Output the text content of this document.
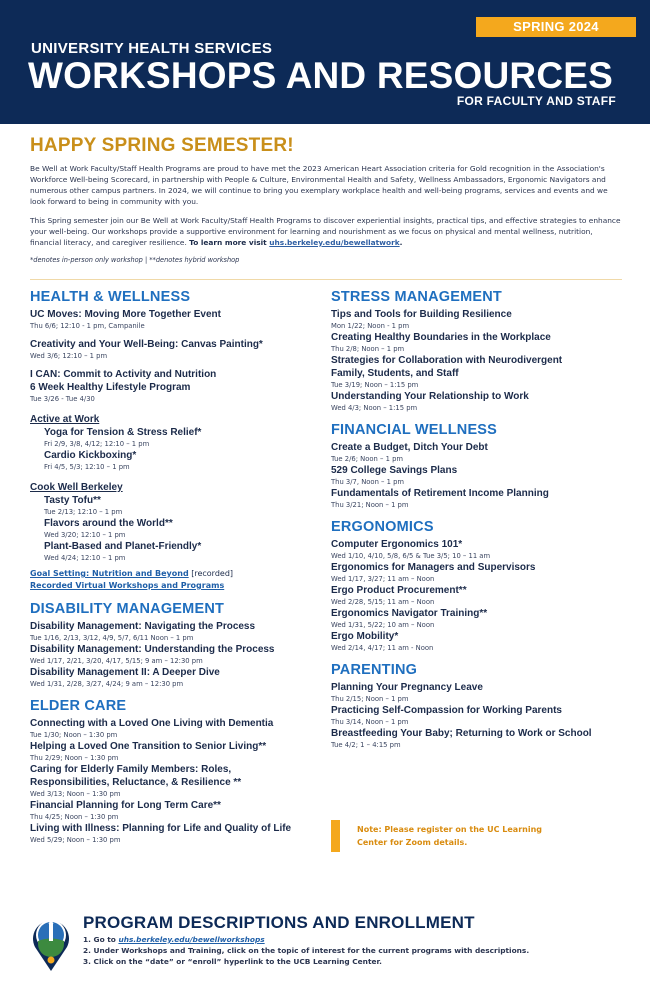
SPRING 2024
UNIVERSITY HEALTH SERVICES
WORKSHOPS AND RESOURCES
FOR FACULTY AND STAFF
HAPPY SPRING SEMESTER!

Be Well at Work Faculty/Staff Health Programs are proud to have met the 2023 American Heart Association criteria for Gold recognition in the Association's Workforce Well-being Scorecard, in partnership with People & Culture, Environmental Health and Safety, Wellness Ambassadors, Ergonomic Navigators and numerous other campus partners. In 2024, we will continue to bring you exemplary workplace health and well-being programs, services and events and we look forward to being in community with you.

This Spring semester join our Be Well at Work Faculty/Staff Health Programs to discover experiential insights, practical tips, and effective strategies to enhance your well-being. Our workshops provide a supportive environment for learning and nourishment as we focus on physical and mental wellness, nutrition, financial literacy, and caregiver resilience. To learn more visit uhs.berkeley.edu/bewellatwork.

*denotes in-person only workshop | **denotes hybrid workshop
HEALTH & WELLNESS
UC Moves: Moving More Together Event
Thu 6/6; 12:10 - 1 pm, Campanile
Creativity and Your Well-Being: Canvas Painting*
Wed 3/6; 12:10 – 1 pm
I CAN: Commit to Activity and Nutrition
6 Week Healthy Lifestyle Program
Tue 3/26 - Tue 4/30
Active at Work
Yoga for Tension & Stress Relief*
Fri 2/9, 3/8, 4/12; 12:10 – 1 pm
Cardio Kickboxing*
Fri 4/5, 5/3; 12:10 – 1 pm
Cook Well Berkeley
Tasty Tofu**
Tue 2/13; 12:10 – 1 pm
Flavors around the World**
Wed 3/20; 12:10 – 1 pm
Plant-Based and Planet-Friendly*
Wed 4/24; 12:10 – 1 pm
Goal Setting: Nutrition and Beyond [recorded]
Recorded Virtual Workshops and Programs
DISABILITY MANAGEMENT
Disability Management: Navigating the Process
Tue 1/16, 2/13, 3/12, 4/9, 5/7, 6/11 Noon – 1 pm
Disability Management: Understanding the Process
Wed 1/17, 2/21, 3/20, 4/17, 5/15; 9 am – 12:30 pm
Disability Management II: A Deeper Dive
Wed 1/31, 2/28, 3/27, 4/24; 9 am – 12:30 pm
ELDER CARE
Connecting with a Loved One Living with Dementia
Tue 1/30; Noon – 1:30 pm
Helping a Loved One Transition to Senior Living**
Thu 2/29; Noon – 1:30 pm
Caring for Elderly Family Members: Roles,
Responsibilities, Reluctance, & Resilience **
Wed 3/13; Noon – 1:30 pm
Financial Planning for Long Term Care**
Thu 4/25; Noon – 1:30 pm
Living with Illness: Planning for Life and Quality of Life
Wed 5/29; Noon – 1:30 pm
STRESS MANAGEMENT
Tips and Tools for Building Resilience
Mon 1/22; Noon - 1 pm
Creating Healthy Boundaries in the Workplace
Thu 2/8; Noon – 1 pm
Strategies for Collaboration with Neurodivergent
Family, Students, and Staff
Tue 3/19; Noon – 1:15 pm
Understanding Your Relationship to Work
Wed 4/3; Noon – 1:15 pm
FINANCIAL WELLNESS
Create a Budget, Ditch Your Debt
Tue 2/6; Noon – 1 pm
529 College Savings Plans
Thu 3/7, Noon – 1 pm
Fundamentals of Retirement Income Planning
Thu 3/21; Noon – 1 pm
ERGONOMICS
Computer Ergonomics 101*
Wed 1/10, 4/10, 5/8, 6/5 & Tue 3/5; 10 – 11 am
Ergonomics for Managers and Supervisors
Wed 1/17, 3/27; 11 am – Noon
Ergo Product Procurement**
Wed 2/28, 5/15; 11 am – Noon
Ergonomics Navigator Training**
Wed 1/31, 5/22; 10 am – Noon
Ergo Mobility*
Wed 2/14, 4/17; 11 am - Noon
PARENTING
Planning Your Pregnancy Leave
Thu 2/15; Noon – 1 pm
Practicing Self-Compassion for Working Parents
Thu 3/14, Noon – 1 pm
Breastfeeding Your Baby; Returning to Work or School
Tue 4/2; 1 – 4:15 pm
Note: Please register on the UC Learning Center for Zoom details.
PROGRAM DESCRIPTIONS AND ENROLLMENT
1. Go to uhs.berkeley.edu/bewellworkshops
2. Under Workshops and Training, click on the topic of interest for the current programs with descriptions.
3. Click on the “date” or “enroll” hyperlink to the UCB Learning Center.
